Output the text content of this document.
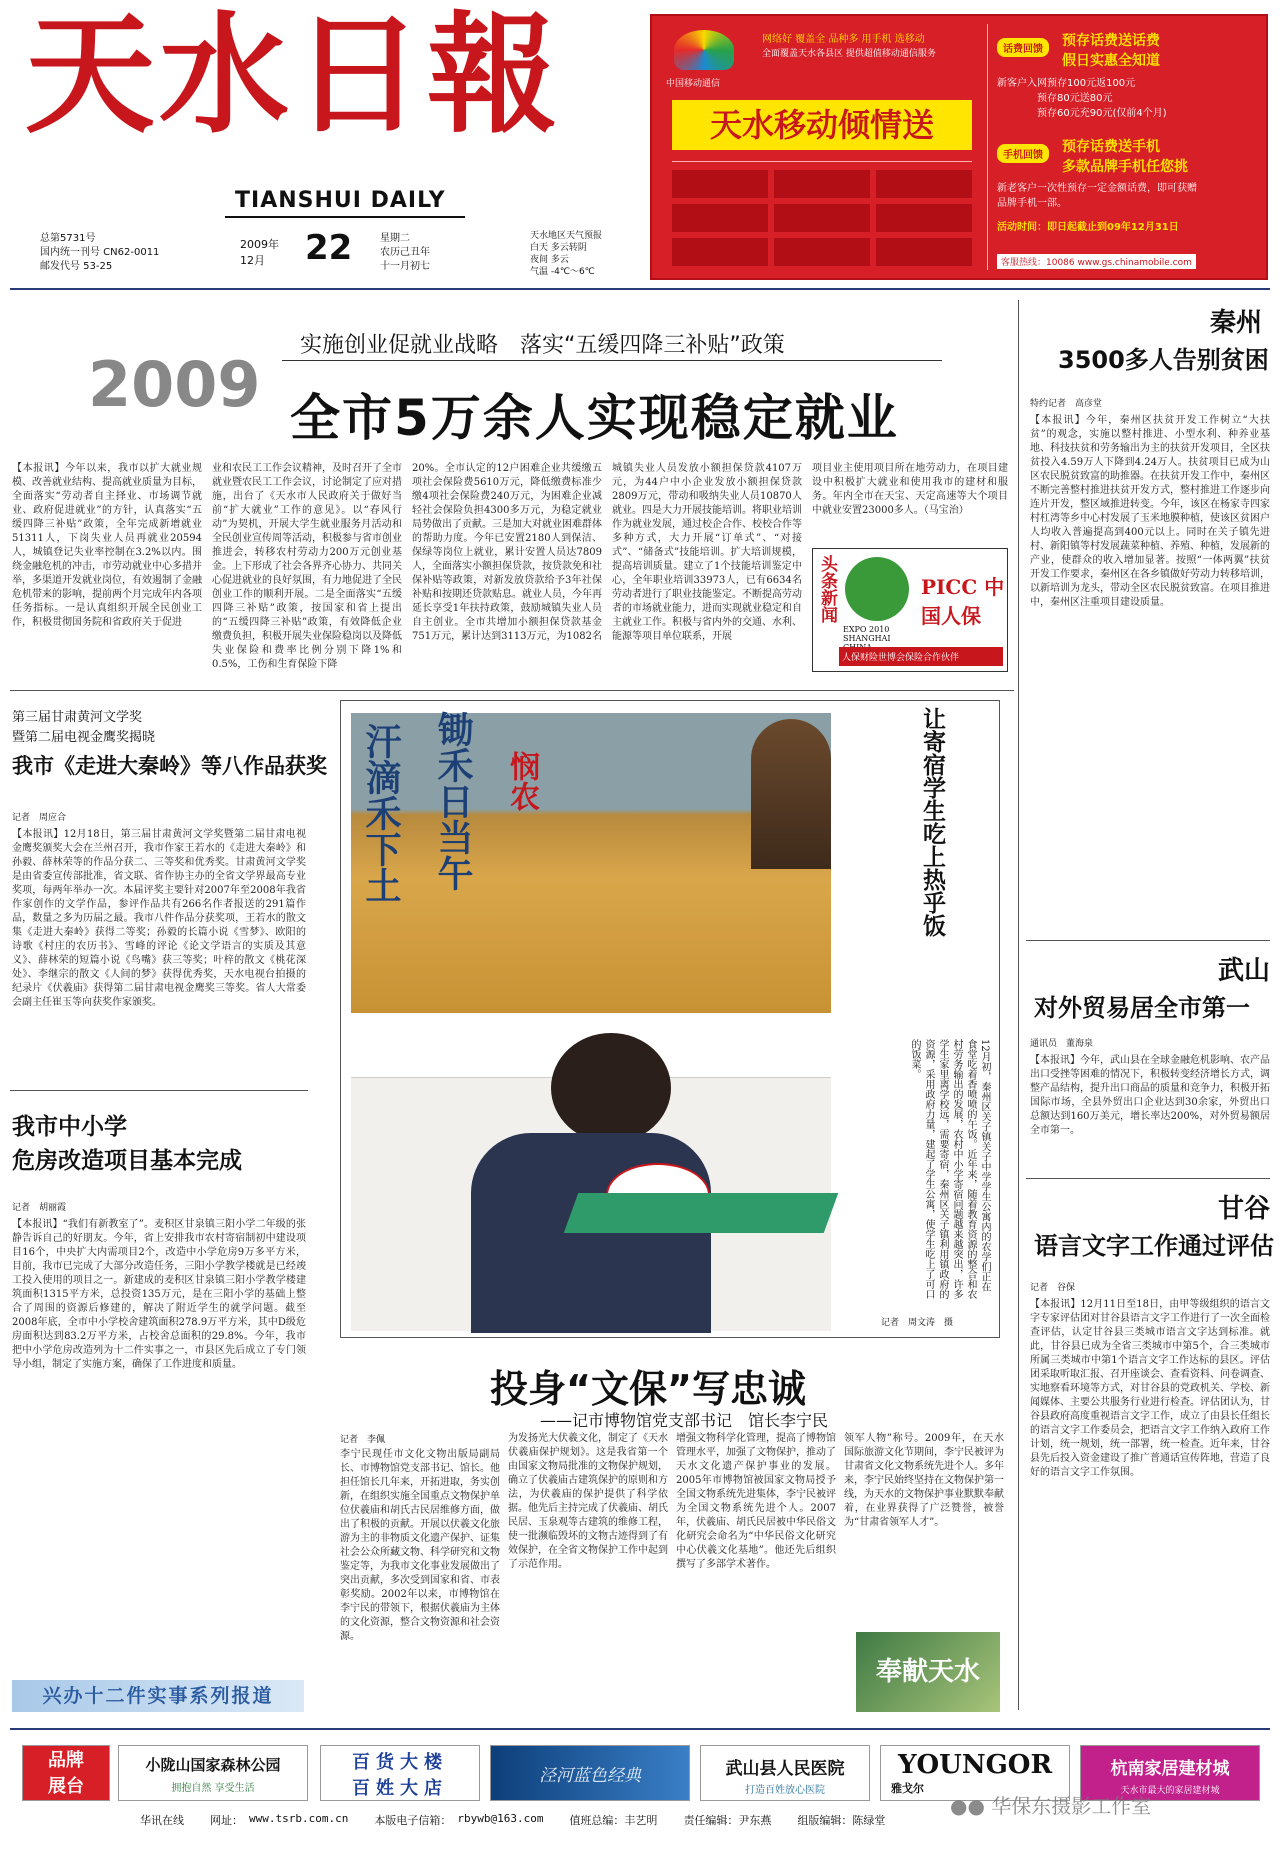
天水日報
TIANSHUI DAILY
总第5731号
国内统一刊号 CN62-0011
邮发代号 53-25
2009年
12月	22	星期二
农历己丑年
十一月初七
天水地区天气预报
白天 多云转阴
夜间 多云
气温 -4℃～6℃
中国移动通信
网络好 覆盖全 品种多 用手机 选移动
全面覆盖天水各县区 提供超值移动通信服务
天水移动倾情送
话费回馈
预存话费送话费
假日实惠全知道
新客户入网预存100元返100元
预存80元送80元
预存60元充90元(仅前4个月)
手机回馈
预存话费送手机
多款品牌手机任您挑
新老客户一次性预存一定金额话费，即可获赠
品牌手机一部。
活动时间：即日起截止到09年12月31日
客服热线：10086 www.gs.chinamobile.com
2009
实施创业促就业战略　落实“五缓四降三补贴”政策
全市5万余人实现稳定就业
【本报讯】今年以来，我市以扩大就业规模、改善就业结构、提高就业质量为目标，全面落实“劳动者自主择业、市场调节就业、政府促进就业”的方针，认真落实“五缓四降三补贴”政策，全年完成新增就业51311人，下岗失业人员再就业20594人，城镇登记失业率控制在3.2%以内。围绕金融危机的冲击，市劳动就业中心多措并举，多渠道开发就业岗位，有效遏制了金融危机带来的影响，提前两个月完成年内各项任务指标。一是认真组织开展全民创业工作，积极贯彻国务院和省政府关于促进
业和农民工工作会议精神，及时召开了全市就业暨农民工工作会议，讨论制定了应对措施，出台了《天水市人民政府关于做好当前“扩大就业”工作的意见》。以“春风行动”为契机，开展大学生就业服务月活动和全民创业宣传周等活动，积极参与省市创业推进会，转移农村劳动力200万元创业基金。上下形成了社会各界齐心协力、共同关心促进就业的良好氛围，有力地促进了全民创业工作的顺利开展。二是全面落实“五缓四降三补贴”政策，按国家和省上提出的“五缓四降三补贴”政策，有效降低企业缴费负担，积极开展失业保险稳岗以及降低失业保险和费率比例分别下降1%和0.5%，工伤和生育保险下降
20%。全市认定的12户困难企业共缓缴五项社会保险费5610万元，降低缴费标准少缴4项社会保险费240万元，为困难企业减轻社会保险负担4300多万元，为稳定就业局势做出了贡献。三是加大对就业困难群体的帮助力度。今年已安置2180人到保洁、保绿等岗位上就业，累计安置人员达7809人，全面落实小额担保贷款，按贷款免和社保补贴等政策，对新发放贷款给予3年社保补贴和按期还贷款贴息。就业人员，今年再延长享受1年扶持政策，鼓励城镇失业人员自主创业。全市共增加小额担保贷款基金751万元，累计达到3113万元，为1082名
城镇失业人员发放小额担保贷款4107万元，为44户中小企业发放小额担保贷款2809万元，带动和吸纳失业人员10870人就业。四是大力开展技能培训。将职业培训作为就业发展，通过校企合作、校校合作等多种方式，大力开展“订单式”、“对接式”、“储备式”技能培训。扩大培训规模，提高培训质量。建立了1个技能培训鉴定中心，全年职业培训33973人，已有6634名劳动者进行了职业技能鉴定。不断提高劳动者的市场就业能力，进而实现就业稳定和自主就业工作。积极与省内外的交通、水利、能源等项目单位联系，开展
项目业主使用项目所在地劳动力，在项目建设中积极扩大就业和使用我市的建材和服务。年内全市在天宝、天定高速等大个项目中就业安置23000多人。（马宝治）
头条新闻
EXPO 2010 SHANGHAI
PICC 中国人保
人保财险世博会保险合作伙伴
秦州
3500多人告别贫困
特约记者　高彦堂
【本报讯】今年，秦州区扶贫开发工作树立“大扶贫”的观念，实施以整村推进、小型水利、种养业基地、科技扶贫和劳务输出为主的扶贫开发项目，全区扶贫投入4.59万人下降到4.24万人。扶贫项目已成为山区农民脱贫致富的助推器。在扶贫开发工作中，秦州区不断完善整村推进扶贫开发方式，整村推进工作逐步向连片开发，整区域推进转变。今年，该区在杨家寺四家村杠湾等乡中心村发展了玉米地膜种植，使该区贫困户人均收入普遍提高到400元以上。同时在关子镇先进村、新阳镇等村发展蔬菜种植、养殖、种植，发展新的产业，使群众的收入增加显著。按照“一体两翼”扶贫开发工作要求，秦州区在各乡镇做好劳动力转移培训，以新培训为龙头，带动全区农民脱贫致富。在项目推进中，秦州区注重项目建设质量。
武山
对外贸易居全市第一
通讯员　董海泉
【本报讯】今年，武山县在全球金融危机影响、农产品出口受挫等困难的情况下，积极转变经济增长方式，调整产品结构，提升出口商品的质量和竞争力，积极开拓国际市场，全县外贸出口企业达到30余家，外贸出口总额达到160万美元，增长率达200%，对外贸易额居全市第一。
甘谷
语言文字工作通过评估
记者　谷保
【本报讯】12月11日至18日，由甲等级组织的语言文字专家评估团对甘谷县语言文字工作进行了一次全面检查评估，认定甘谷县三类城市语言文字达到标准。就此，甘谷县已成为全省三类城市中第5个，合三类城市所属三类城市中第1个语言文字工作达标的县区。评估团采取听取汇报、召开座谈会、查看资料、问卷调查、实地察看环境等方式，对甘谷县的党政机关、学校、新闻媒体、主要公共服务行业进行检查。评估团认为，甘谷县政府高度重视语言文字工作，成立了由县长任组长的语言文字工作委员会，把语言文字工作纳入政府工作计划，统一规划，统一部署，统一检查。近年来，甘谷县先后投入资金建设了推广普通话宣传阵地，营造了良好的语言文字工作氛围。
第三届甘肃黄河文学奖
暨第二届电视金鹰奖揭晓
我市《走进大秦岭》等八作品获奖
记者　周应合
【本报讯】12月18日，第三届甘肃黄河文学奖暨第二届甘肃电视金鹰奖颁奖大会在兰州召开，我市作家王若水的《走进大秦岭》和孙毅、薛林荣等的作品分获二、三等奖和优秀奖。甘肃黄河文学奖是由省委宣传部批准，省文联、省作协主办的全省文学界最高专业奖项，每两年举办一次。本届评奖主要针对2007年至2008年我省作家创作的文学作品，参评作品共有266名作者报送的291篇作品，数量之多为历届之最。我市八件作品分获奖项，王若水的散文集《走进大秦岭》获得二等奖；孙毅的长篇小说《雪梦》、欧阳的诗歌《村庄的农历书》、雪峰的评论《论文学语言的实质及其意义》、薛林荣的短篇小说《鸟嘴》获三等奖；叶梓的散文《桃花深处》、李继宗的散文《人间的梦》获得优秀奖，天水电视台拍摄的纪录片《伏羲庙》获得第二届甘肃电视金鹰奖三等奖。省人大常委会副主任崔玉等向获奖作家颁奖。
我市中小学
危房改造项目基本完成
记者　胡丽霞
【本报讯】“我们有新教室了”。麦积区甘泉镇三阳小学二年级的张静告诉自己的好朋友。今年，省上安排我市农村寄宿制初中建设项目16个，中央扩大内需项目2个，改造中小学危房9万多平方米，目前，我市已完成了大部分改造任务，三阳小学教学楼就是已经竣工投入使用的项目之一。新建成的麦积区甘泉镇三阳小学教学楼建筑面积1315平方米，总投资135万元，是在三阳小学的基础上整合了周围的资源后修建的，解决了附近学生的就学问题。截至2008年底，全市中小学校舍建筑面积278.9万平方米，其中D级危房面积达到83.2万平方米，占校舍总面积的29.8%。今年，我市把中小学危房改造列为十二件实事之一，市县区先后成立了专门领导小组，制定了实施方案，确保了工作进度和质量。
兴办十二件实事系列报道
汗滴禾下土 锄禾日当午 悯农	让寄宿学生吃上热乎饭
12月初，秦州区关子镇关子中学学生公寓内的农学们正在食堂吃着香喷喷的午饭。近年来，随着教育资源的整合和农村劳务输出的发展，农村中小学寄宿问题越来越突出，许多学生家里离学校远，需要寄宿，秦州区关子镇利用镇政府的资源，采用政府力量，建起了学生公寓，使学生吃上了可口的饭菜。
记者　周文涛　摄
投身“文保”写忠诚
——记市博物馆党支部书记　馆长李宁民
记者　李佩
李宁民现任市文化文物出版局副局长、市博物馆党支部书记、馆长。他担任馆长几年来，开拓进取，务实创新，在组织实施全国重点文物保护单位伏羲庙和胡氏古民居维修方面，做出了积极的贡献。开展以伏羲文化旅游为主的非物质文化遗产保护、证集社会公众所藏文物、科学研究和文物鉴定等，为我市文化事业发展做出了突出贡献，多次受到国家和省、市表彰奖励。2002年以来，市博物馆在李宁民的带领下，根据伏羲庙为主体的文化资源，整合文物资源和社会资源。
为发扬光大伏羲文化，制定了《天水伏羲庙保护规划》。这是我省第一个由国家文物局批准的文物保护规划，确立了伏羲庙古建筑保护的原则和方法，为伏羲庙的保护提供了科学依据。他先后主持完成了伏羲庙、胡氏民居、玉泉观等古建筑的维修工程，使一批濒临毁坏的文物古迹得到了有效保护，在全省文物保护工作中起到了示范作用。
增强文物科学化管理，提高了博物馆管理水平，加强了文物保护，推动了天水文化遗产保护事业的发展。2005年市博物馆被国家文物局授予全国文物系统先进集体，李宁民被评为全国文物系统先进个人。2007年，伏羲庙、胡氏民居被中华民俗文化研究会命名为“中华民俗文化研究中心伏羲文化基地”。他还先后组织撰写了多部学术著作。
领军人物”称号。2009年，在天水国际旅游文化节期间，李宁民被评为甘肃省文化文物系统先进个人。多年来，李宁民始终坚持在文物保护第一线，为天水的文物保护事业默默奉献着，在业界获得了广泛赞誉，被誉为“甘肃省领军人才”。
奉献天水
品牌
展台
小陇山国家森林公园
拥抱自然 享受生活
百货大楼
百姓大店
泾河蓝色经典	武山县人民医院
打造百姓放心医院
YOUNGOR
雅戈尔
杭南家居建材城
天水市最大的家居建材城
华讯在线 网址： www.tsrb.com.cn 本版电子信箱： rbywb@163.com 值班总编：丰艺明 责任编辑：尹东燕 组版编辑：陈绿堂
●● 华保东摄影工作室
